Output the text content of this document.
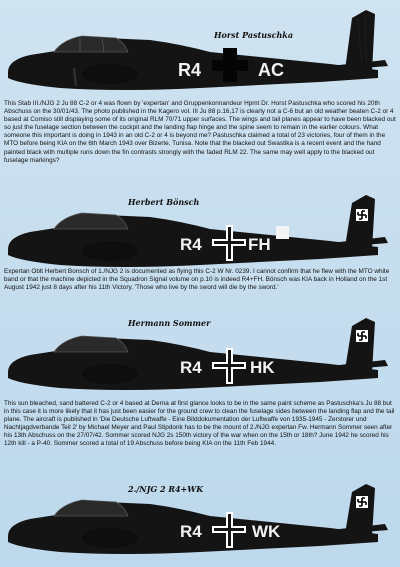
Horst Pastuschka
R4	AC
This Stab III./NJG 2 Ju 88 C-2 or 4 was flown by 'expertan' and Gruppenkonnandeur Hpmt Dr. Horst Pastuschka who scored his 20th Abschuss on the 30/01/43. The photo published in the Kagero vol. III Ju 88 p.16,17 is clearly not a C-6 but an old weather beaten C-2 or 4 based at Comiso still displaying some of its original RLM 70/71 upper surfaces. The wings and tail planes appear to have been blacked out so just the fuselage section between the cockpit and the landing flap hinge and the spine seem to remain in the earlier colours. What someone this important is doing in 1943 in an old C-2 or 4 is beyond me? Pastuschka claimed a total of 23 victories, four of them in the MTO before being KIA on the 6th March 1943 over Bizerte, Tunisa. Note that the blacked out Swastika is a recent event and the hand painted black with multiple runs down the fin contrasts strongly with the faded RLM 22. The same may well apply to the blacked out fuselage markings?
Herbert Bönsch
R4	FH
Expertan Oblt Herbert Bonsch of 1./NJG 2 is documented as flying this C-2 W Nr. 0239. I cannot confirm that he flew with the MTO white band or that the machine depicted in the Squadron Signal volume on p.10 is indeed R4+FH. Bönsch was KIA back in Holland on the 1st August 1942 just 8 days after his 11th Victory. 'Those who live by the sword will die by the sword.'
Hermann Sommer
R4	HK
This sun bleached, sand battered C-2 or 4 based at Derna at first glance looks to be in the same paint scheme as Pastuschka's Ju 88 but in this case it is more likely that it has just been easier for the ground crew to clean the fuselage sides between the landing flap and the tail plane. The aircraft is published in 'Die Deutsche Luftwaffe - Eine Bilddokumentation der Luftwaffe von 1935-1945 - Zerstorer und Nachtjagdverbande Teil 2' by Michael Meyer and Paul Stipdonk has to be the mount of 2./NJG expertan Fw. Hermann Sommer seen after his 13th Abschuss on the 27/07/42. Sommer scored NJG 2s 150th victory of the war when on the 15th or 18th? June 1942 he scored his 12th kill - a P-40. Sommer scored a total of 19 Abschuss before being KIA on the 11th Feb 1944.
2./NJG 2 R4+WK
R4	WK
